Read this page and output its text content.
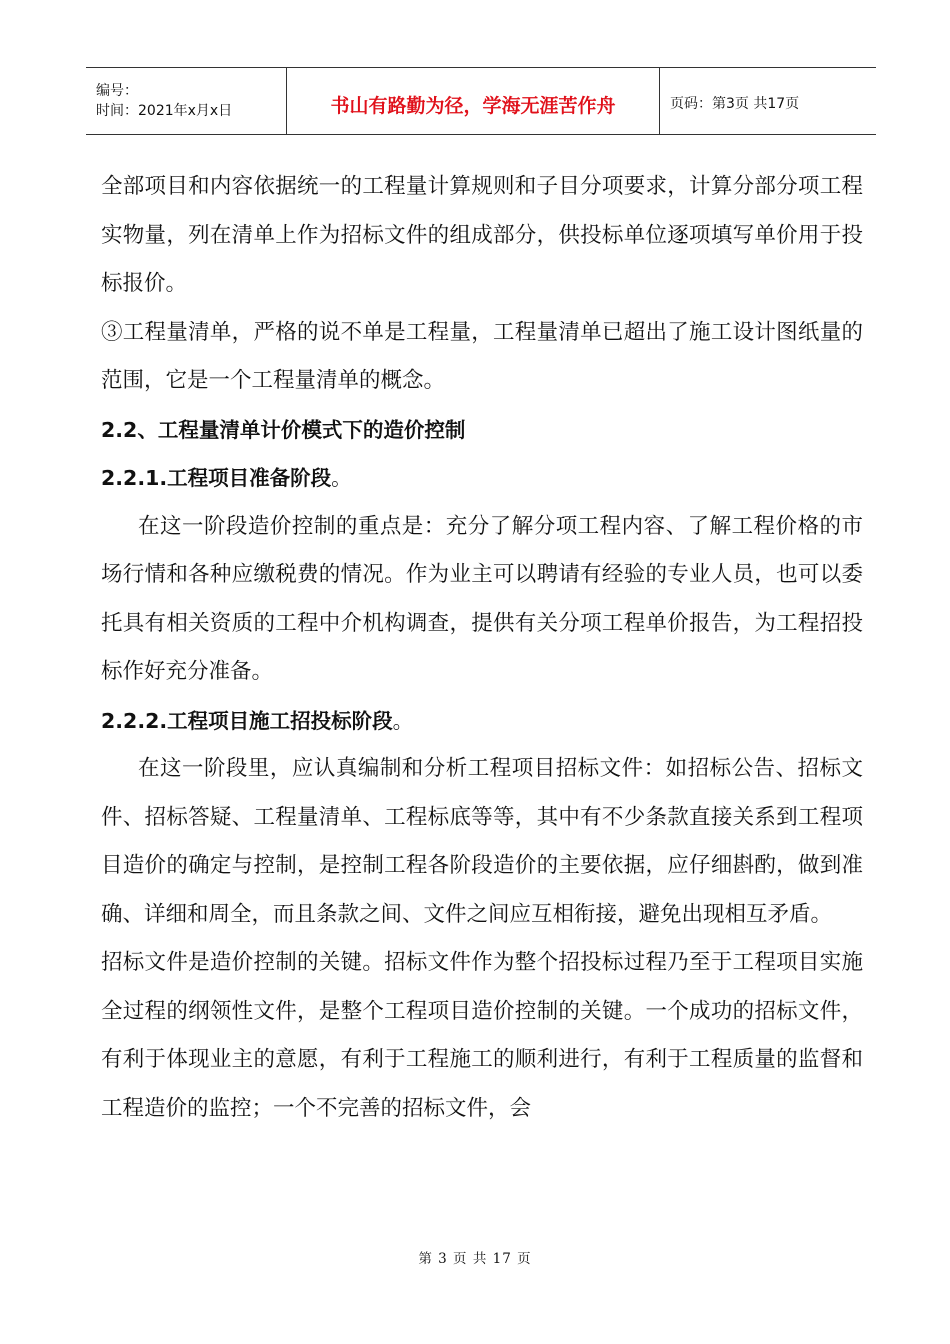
编号：
时间：2021年x月x日	书山有路勤为径，学海无涯苦作舟	页码：第3页 共17页

全部项目和内容依据统一的工程量计算规则和子目分项要求，计算分部分项工程实物量，列在清单上作为招标文件的组成部分，供投标单位逐项填写单价用于投标报价。

③工程量清单，严格的说不单是工程量，工程量清单已超出了施工设计图纸量的范围，它是一个工程量清单的概念。

2.2、工程量清单计价模式下的造价控制

2.2.1.工程项目准备阶段。

在这一阶段造价控制的重点是：充分了解分项工程内容、了解工程价格的市场行情和各种应缴税费的情况。作为业主可以聘请有经验的专业人员，也可以委托具有相关资质的工程中介机构调查，提供有关分项工程单价报告，为工程招投标作好充分准备。

2.2.2.工程项目施工招投标阶段。

在这一阶段里，应认真编制和分析工程项目招标文件：如招标公告、招标文件、招标答疑、工程量清单、工程标底等等，其中有不少条款直接关系到工程项目造价的确定与控制，是控制工程各阶段造价的主要依据，应仔细斟酌，做到准确、详细和周全，而且条款之间、文件之间应互相衔接，避免出现相互矛盾。

招标文件是造价控制的关键。招标文件作为整个招投标过程乃至于工程项目实施全过程的纲领性文件，是整个工程项目造价控制的关键。一个成功的招标文件，有利于体现业主的意愿，有利于工程施工的顺利进行，有利于工程质量的监督和工程造价的监控；一个不完善的招标文件，会

第 3 页 共 17 页
